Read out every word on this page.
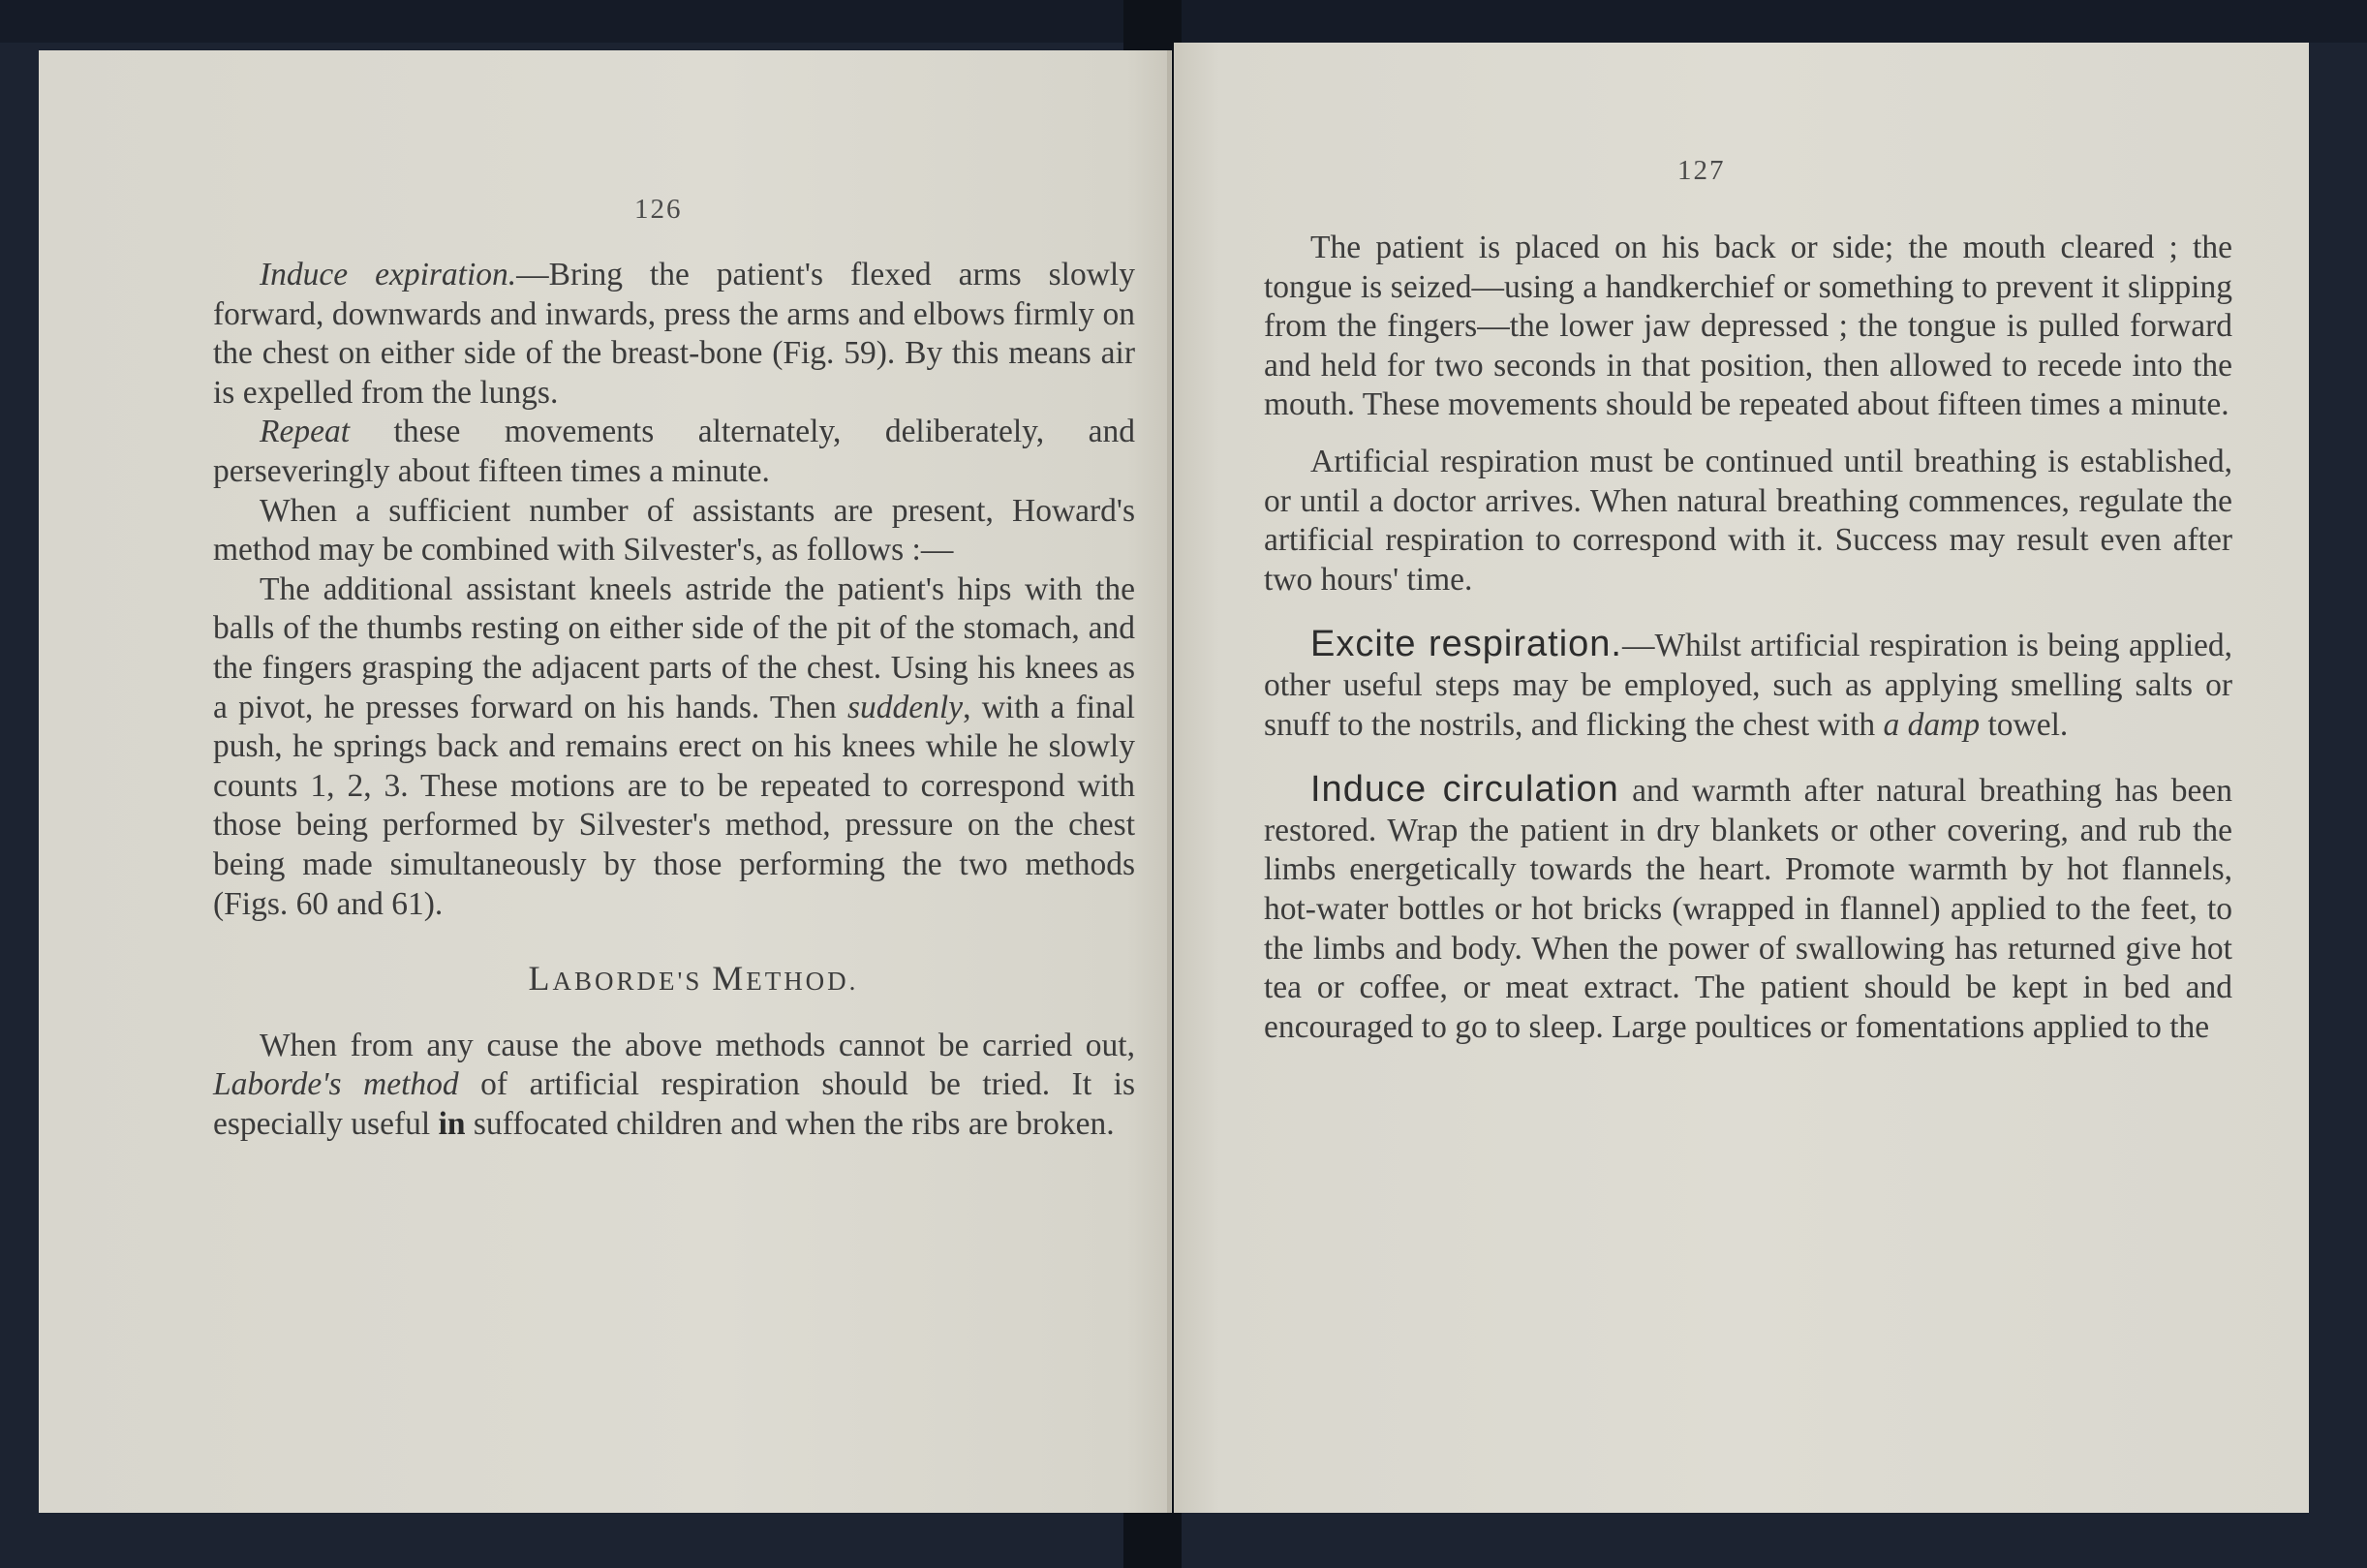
126

Induce expiration.—Bring the patient's flexed arms slowly forward, downwards and inwards, press the arms and elbows firmly on the chest on either side of the breast-bone (Fig. 59). By this means air is expelled from the lungs.

Repeat these movements alternately, deliberately, and perseveringly about fifteen times a minute.

When a sufficient number of assistants are present, Howard's method may be combined with Silvester's, as follows :—

The additional assistant kneels astride the patient's hips with the balls of the thumbs resting on either side of the pit of the stomach, and the fingers grasping the adjacent parts of the chest. Using his knees as a pivot, he presses forward on his hands. Then suddenly, with a final push, he springs back and remains erect on his knees while he slowly counts 1, 2, 3. These motions are to be repeated to correspond with those being performed by Silvester's method, pressure on the chest being made simultaneously by those performing the two methods (Figs. 60 and 61).

LABORDE'S METHOD.

When from any cause the above methods cannot be carried out, Laborde's method of artificial respiration should be tried. It is especially useful in suffocated children and when the ribs are broken.

127

The patient is placed on his back or side; the mouth cleared ; the tongue is seized—using a handkerchief or something to prevent it slipping from the fingers—the lower jaw depressed ; the tongue is pulled forward and held for two seconds in that position, then allowed to recede into the mouth. These movements should be repeated about fifteen times a minute.

Artificial respiration must be continued until breathing is established, or until a doctor arrives. When natural breathing commences, regulate the artificial respiration to correspond with it. Success may result even after two hours' time.

Excite respiration.—Whilst artificial respiration is being applied, other useful steps may be employed, such as applying smelling salts or snuff to the nostrils, and flicking the chest with a damp towel.

Induce circulation and warmth after natural breathing has been restored. Wrap the patient in dry blankets or other covering, and rub the limbs energetically towards the heart. Promote warmth by hot flannels, hot-water bottles or hot bricks (wrapped in flannel) applied to the feet, to the limbs and body. When the power of swallowing has returned give hot tea or coffee, or meat extract. The patient should be kept in bed and encouraged to go to sleep. Large poultices or fomentations applied to the
